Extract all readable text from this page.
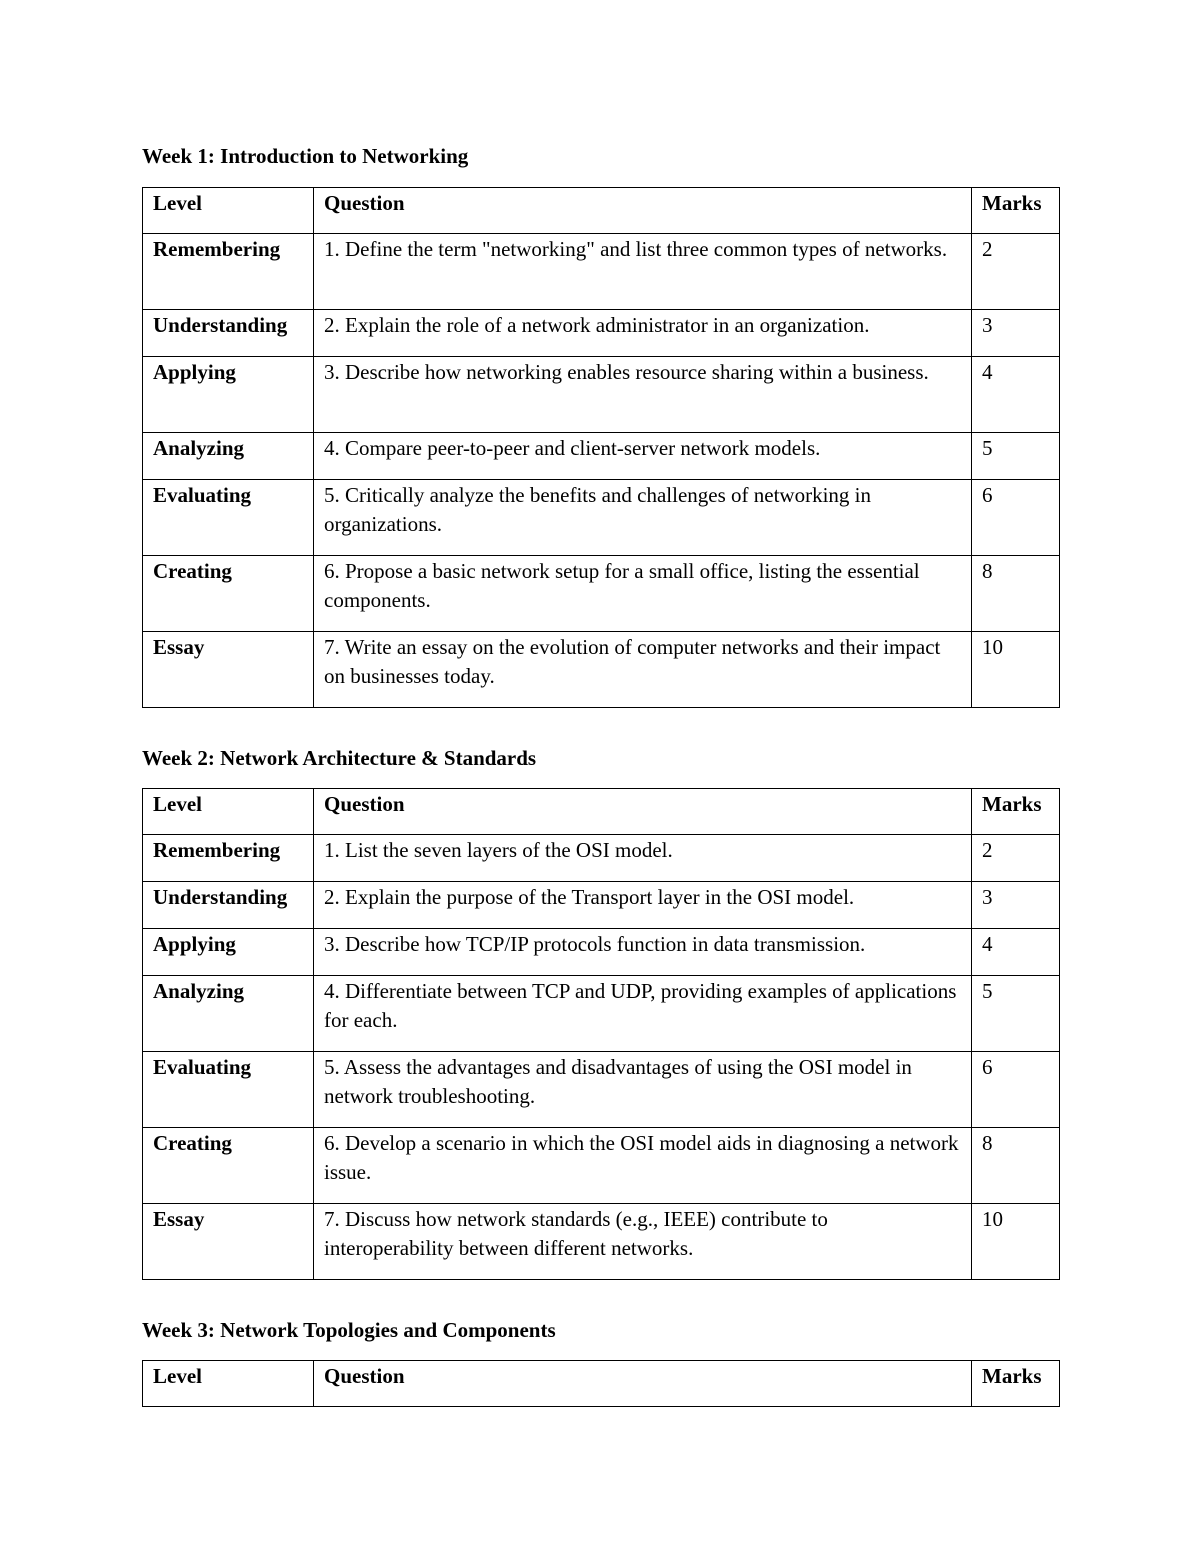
Week 1: Introduction to Networking
Level	Question	Marks
Remembering	1. Define the term "networking" and list three common types of networks.	2
Understanding	2. Explain the role of a network administrator in an organization.	3
Applying	3. Describe how networking enables resource sharing within a business.	4
Analyzing	4. Compare peer-to-peer and client-server network models.	5
Evaluating	5. Critically analyze the benefits and challenges of networking in organizations.	6
Creating	6. Propose a basic network setup for a small office, listing the essential components.	8
Essay	7. Write an essay on the evolution of computer networks and their impact on businesses today.	10
Week 2: Network Architecture & Standards
Level	Question	Marks
Remembering	1. List the seven layers of the OSI model.	2
Understanding	2. Explain the purpose of the Transport layer in the OSI model.	3
Applying	3. Describe how TCP/IP protocols function in data transmission.	4
Analyzing	4. Differentiate between TCP and UDP, providing examples of applications for each.	5
Evaluating	5. Assess the advantages and disadvantages of using the OSI model in network troubleshooting.	6
Creating	6. Develop a scenario in which the OSI model aids in diagnosing a network issue.	8
Essay	7. Discuss how network standards (e.g., IEEE) contribute to interoperability between different networks.	10
Week 3: Network Topologies and Components
Level	Question	Marks
